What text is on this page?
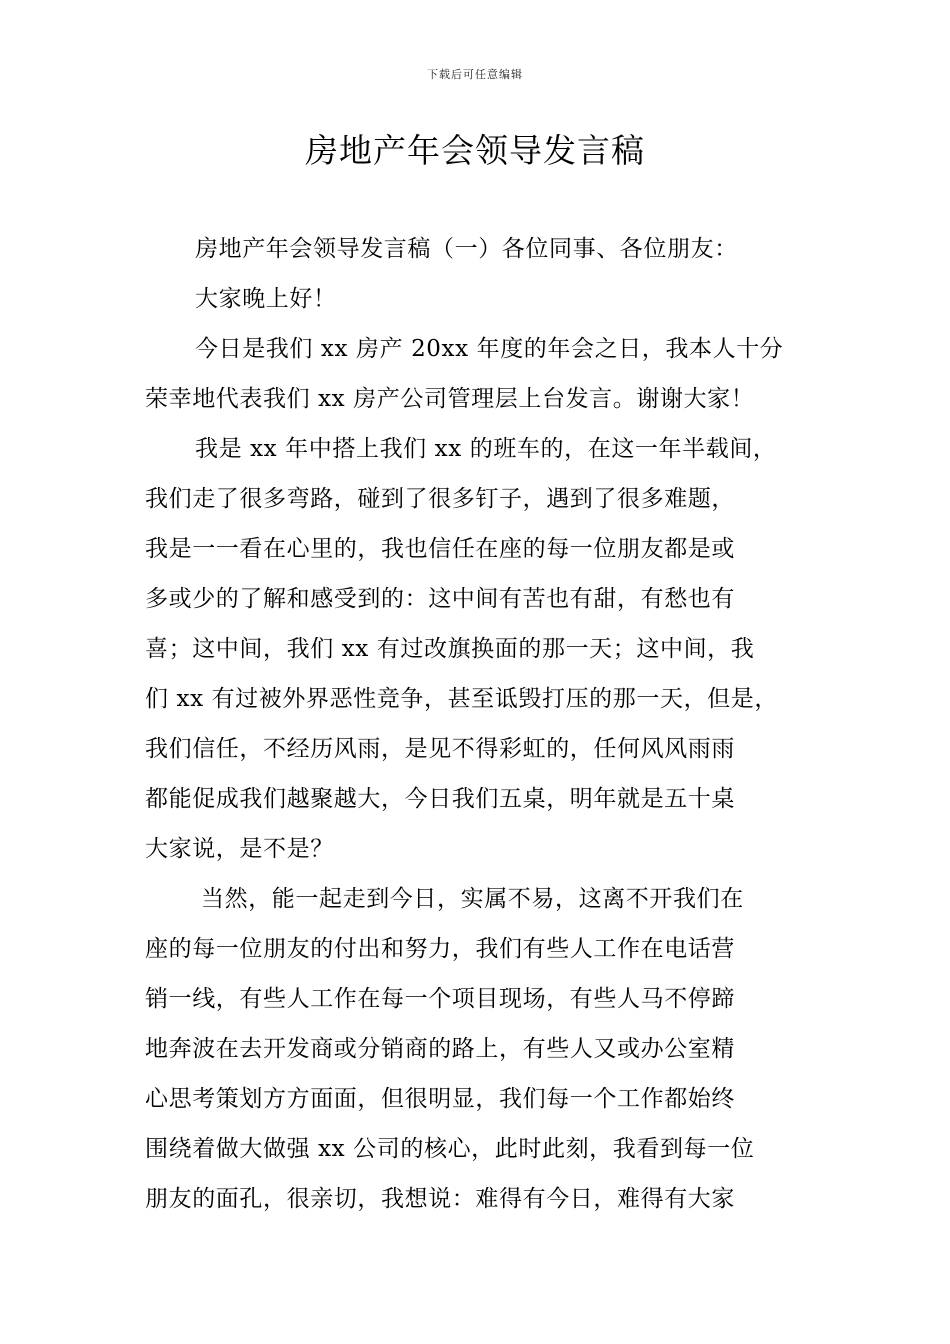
下载后可任意编辑
房地产年会领导发言稿
房地产年会领导发言稿（一）各位同事、各位朋友：
大家晚上好！
今日是我们 xx 房产 20xx 年度的年会之日，我本人十分
荣幸地代表我们 xx 房产公司管理层上台发言。谢谢大家！
我是 xx 年中搭上我们 xx 的班车的，在这一年半载间，
我们走了很多弯路，碰到了很多钉子，遇到了很多难题，
我是一一看在心里的，我也信任在座的每一位朋友都是或
多或少的了解和感受到的：这中间有苦也有甜，有愁也有
喜；这中间，我们 xx 有过改旗换面的那一天；这中间，我
们 xx 有过被外界恶性竞争，甚至诋毁打压的那一天，但是，
我们信任，不经历风雨，是见不得彩虹的，任何风风雨雨
都能促成我们越聚越大，今日我们五桌，明年就是五十桌
大家说，是不是？
当然，能一起走到今日，实属不易，这离不开我们在
座的每一位朋友的付出和努力，我们有些人工作在电话营
销一线，有些人工作在每一个项目现场，有些人马不停蹄
地奔波在去开发商或分销商的路上，有些人又或办公室精
心思考策划方方面面，但很明显，我们每一个工作都始终
围绕着做大做强 xx 公司的核心，此时此刻，我看到每一位
朋友的面孔，很亲切，我想说：难得有今日，难得有大家
